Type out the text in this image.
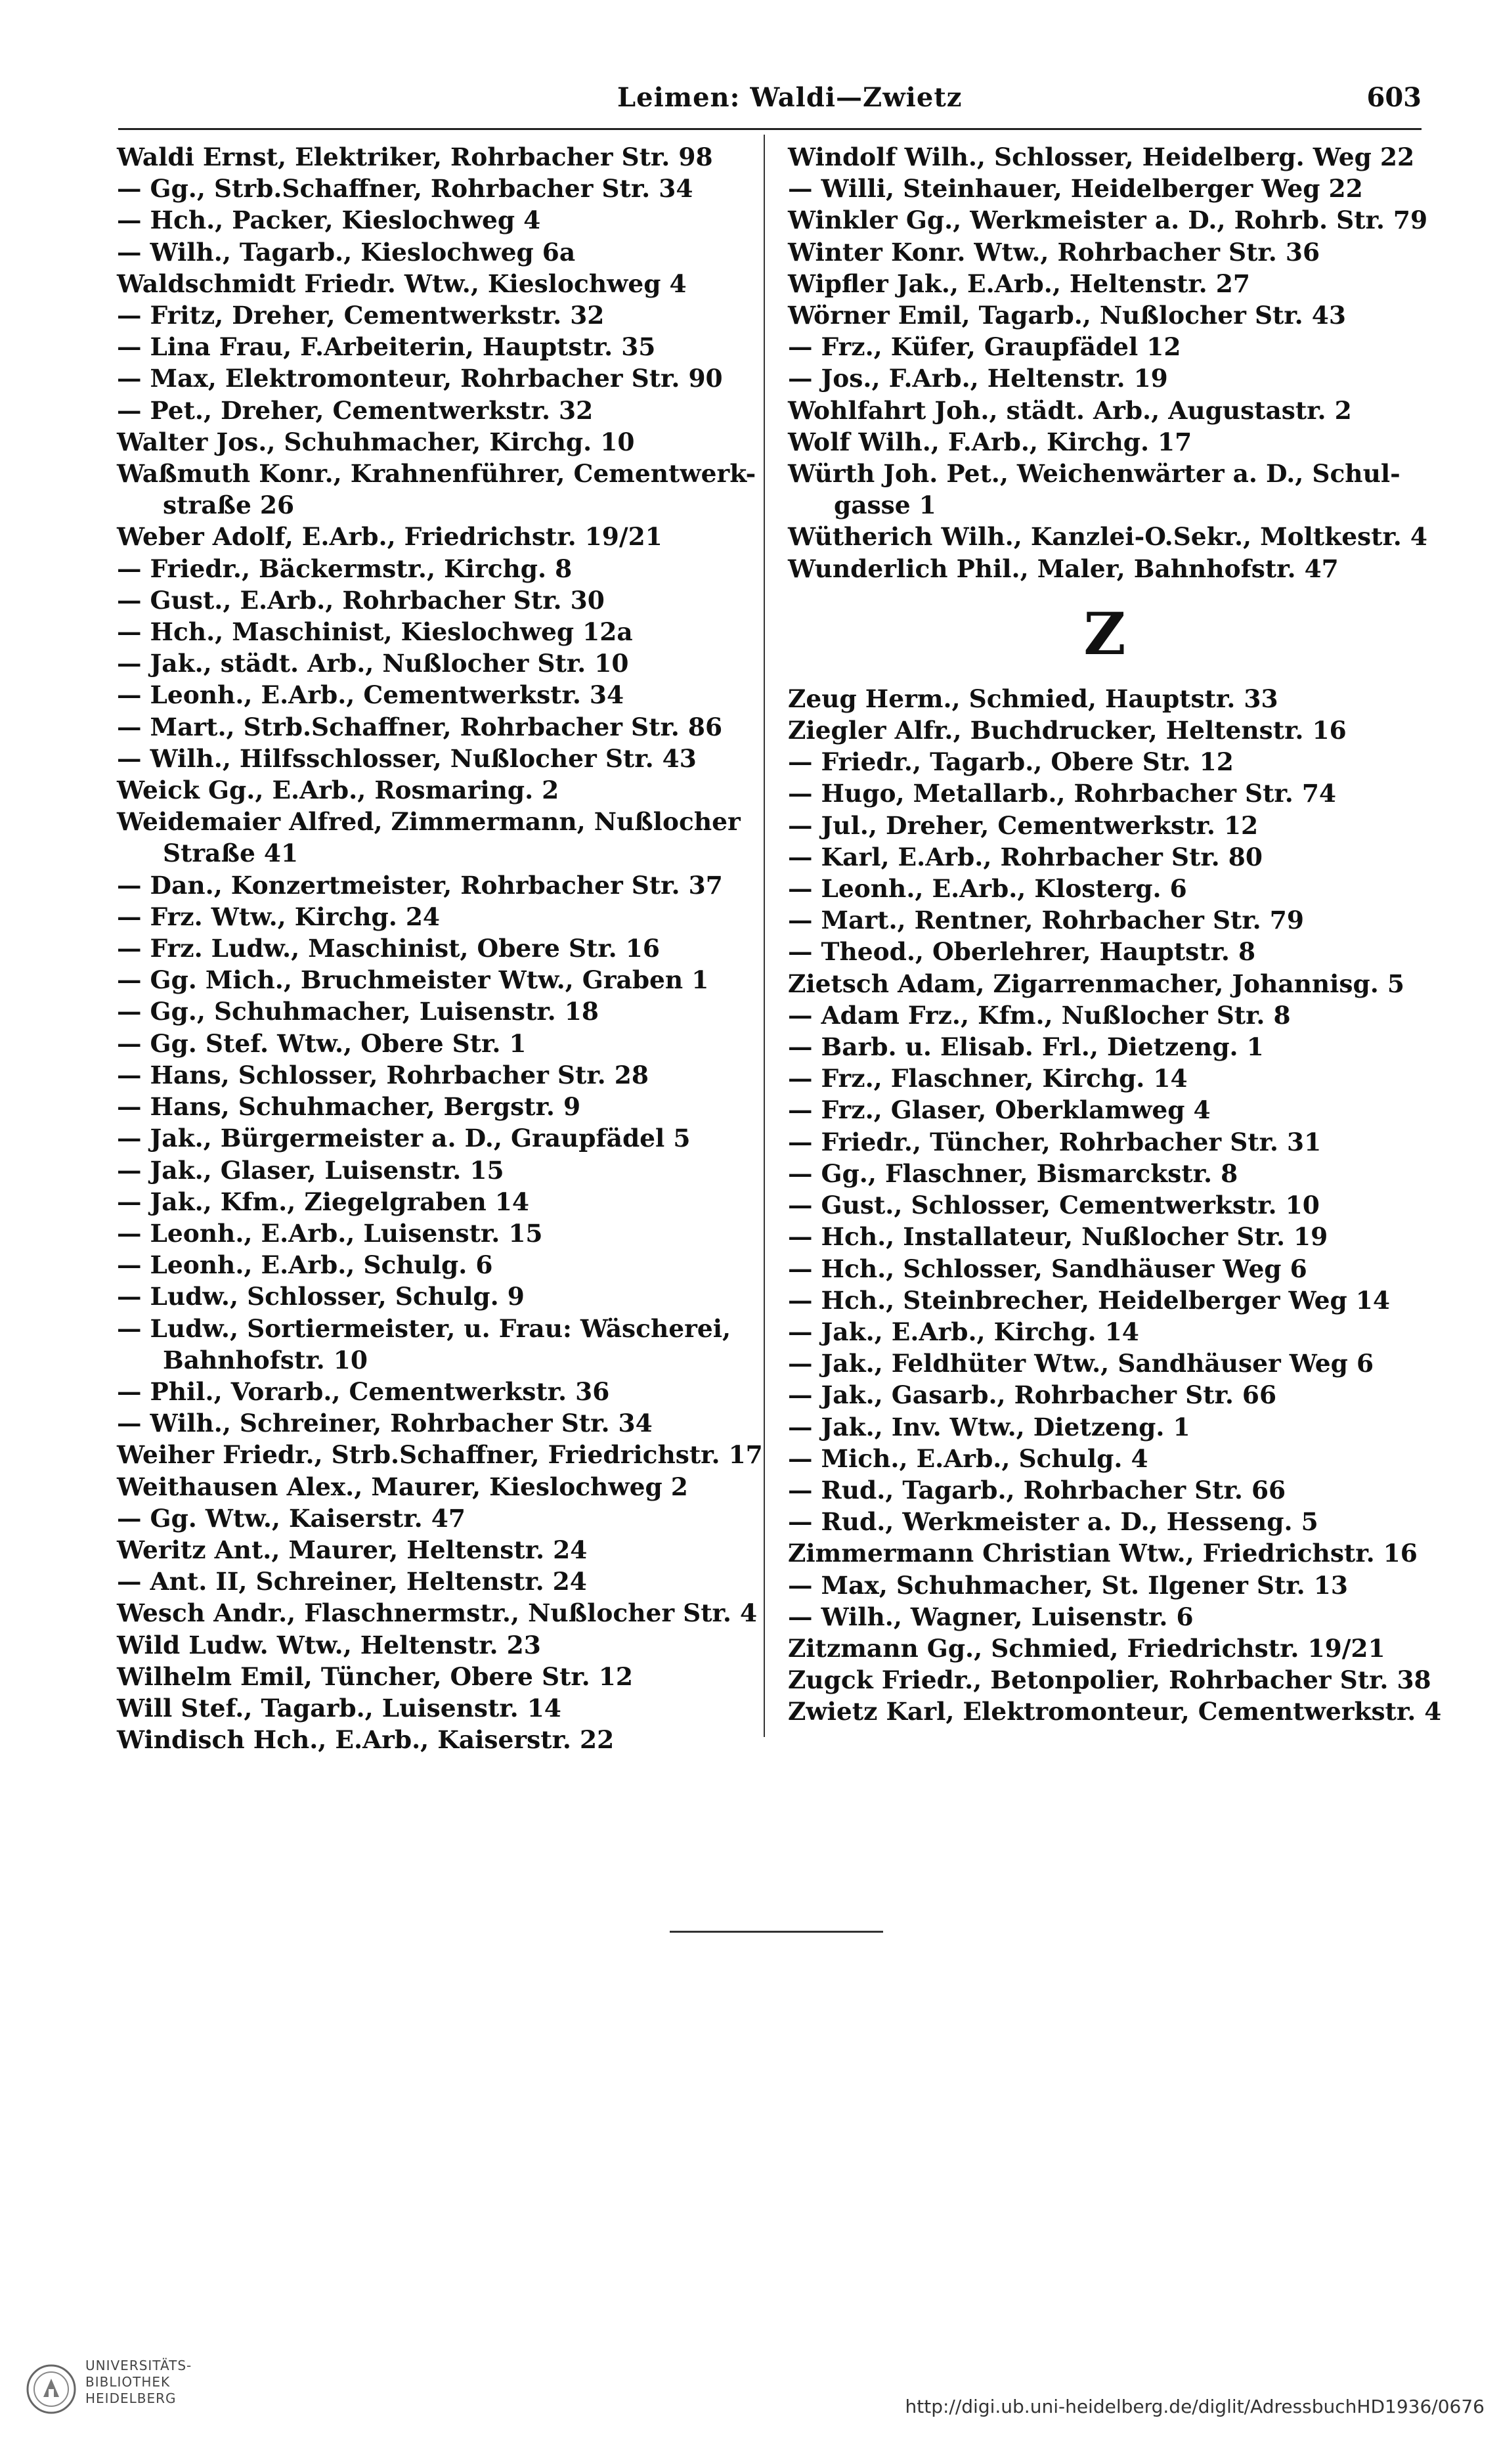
Leimen: Waldi—Zwietz	603
Waldi Ernst, Elektriker, Rohrbacher Str. 98
— Gg., Strb.Schaffner, Rohrbacher Str. 34
— Hch., Packer, Kieslochweg 4
— Wilh., Tagarb., Kieslochweg 6a
Waldschmidt Friedr. Wtw., Kieslochweg 4
— Fritz, Dreher, Cementwerkstr. 32
— Lina Frau, F.Arbeiterin, Hauptstr. 35
— Max, Elektromonteur, Rohrbacher Str. 90
— Pet., Dreher, Cementwerkstr. 32
Walter Jos., Schuhmacher, Kirchg. 10
Waßmuth Konr., Krahnenführer, Cementwerk-
straße 26
Weber Adolf, E.Arb., Friedrichstr. 19/21
— Friedr., Bäckermstr., Kirchg. 8
— Gust., E.Arb., Rohrbacher Str. 30
— Hch., Maschinist, Kieslochweg 12a
— Jak., städt. Arb., Nußlocher Str. 10
— Leonh., E.Arb., Cementwerkstr. 34
— Mart., Strb.Schaffner, Rohrbacher Str. 86
— Wilh., Hilfsschlosser, Nußlocher Str. 43
Weick Gg., E.Arb., Rosmaring. 2
Weidemaier Alfred, Zimmermann, Nußlocher
Straße 41
— Dan., Konzertmeister, Rohrbacher Str. 37
— Frz. Wtw., Kirchg. 24
— Frz. Ludw., Maschinist, Obere Str. 16
— Gg. Mich., Bruchmeister Wtw., Graben 1
— Gg., Schuhmacher, Luisenstr. 18
— Gg. Stef. Wtw., Obere Str. 1
— Hans, Schlosser, Rohrbacher Str. 28
— Hans, Schuhmacher, Bergstr. 9
— Jak., Bürgermeister a. D., Graupfädel 5
— Jak., Glaser, Luisenstr. 15
— Jak., Kfm., Ziegelgraben 14
— Leonh., E.Arb., Luisenstr. 15
— Leonh., E.Arb., Schulg. 6
— Ludw., Schlosser, Schulg. 9
— Ludw., Sortiermeister, u. Frau: Wäscherei,
Bahnhofstr. 10
— Phil., Vorarb., Cementwerkstr. 36
— Wilh., Schreiner, Rohrbacher Str. 34
Weiher Friedr., Strb.Schaffner, Friedrichstr. 17
Weithausen Alex., Maurer, Kieslochweg 2
— Gg. Wtw., Kaiserstr. 47
Weritz Ant., Maurer, Heltenstr. 24
— Ant. II, Schreiner, Heltenstr. 24
Wesch Andr., Flaschnermstr., Nußlocher Str. 4
Wild Ludw. Wtw., Heltenstr. 23
Wilhelm Emil, Tüncher, Obere Str. 12
Will Stef., Tagarb., Luisenstr. 14
Windisch Hch., E.Arb., Kaiserstr. 22
Windolf Wilh., Schlosser, Heidelberg. Weg 22
— Willi, Steinhauer, Heidelberger Weg 22
Winkler Gg., Werkmeister a. D., Rohrb. Str. 79
Winter Konr. Wtw., Rohrbacher Str. 36
Wipfler Jak., E.Arb., Heltenstr. 27
Wörner Emil, Tagarb., Nußlocher Str. 43
— Frz., Küfer, Graupfädel 12
— Jos., F.Arb., Heltenstr. 19
Wohlfahrt Joh., städt. Arb., Augustastr. 2
Wolf Wilh., F.Arb., Kirchg. 17
Würth Joh. Pet., Weichenwärter a. D., Schul-
gasse 1
Wütherich Wilh., Kanzlei-O.Sekr., Moltkestr. 4
Wunderlich Phil., Maler, Bahnhofstr. 47
Z
Zeug Herm., Schmied, Hauptstr. 33
Ziegler Alfr., Buchdrucker, Heltenstr. 16
— Friedr., Tagarb., Obere Str. 12
— Hugo, Metallarb., Rohrbacher Str. 74
— Jul., Dreher, Cementwerkstr. 12
— Karl, E.Arb., Rohrbacher Str. 80
— Leonh., E.Arb., Klosterg. 6
— Mart., Rentner, Rohrbacher Str. 79
— Theod., Oberlehrer, Hauptstr. 8
Zietsch Adam, Zigarrenmacher, Johannisg. 5
— Adam Frz., Kfm., Nußlocher Str. 8
— Barb. u. Elisab. Frl., Dietzeng. 1
— Frz., Flaschner, Kirchg. 14
— Frz., Glaser, Oberklamweg 4
— Friedr., Tüncher, Rohrbacher Str. 31
— Gg., Flaschner, Bismarckstr. 8
— Gust., Schlosser, Cementwerkstr. 10
— Hch., Installateur, Nußlocher Str. 19
— Hch., Schlosser, Sandhäuser Weg 6
— Hch., Steinbrecher, Heidelberger Weg 14
— Jak., E.Arb., Kirchg. 14
— Jak., Feldhüter Wtw., Sandhäuser Weg 6
— Jak., Gasarb., Rohrbacher Str. 66
— Jak., Inv. Wtw., Dietzeng. 1
— Mich., E.Arb., Schulg. 4
— Rud., Tagarb., Rohrbacher Str. 66
— Rud., Werkmeister a. D., Hesseng. 5
Zimmermann Christian Wtw., Friedrichstr. 16
— Max, Schuhmacher, St. Ilgener Str. 13
— Wilh., Wagner, Luisenstr. 6
Zitzmann Gg., Schmied, Friedrichstr. 19/21
Zugck Friedr., Betonpolier, Rohrbacher Str. 38
Zwietz Karl, Elektromonteur, Cementwerkstr. 4
UNIVERSITÄTS-
BIBLIOTHEK
HEIDELBERG	http://digi.ub.uni-heidelberg.de/diglit/AdressbuchHD1936/0676
